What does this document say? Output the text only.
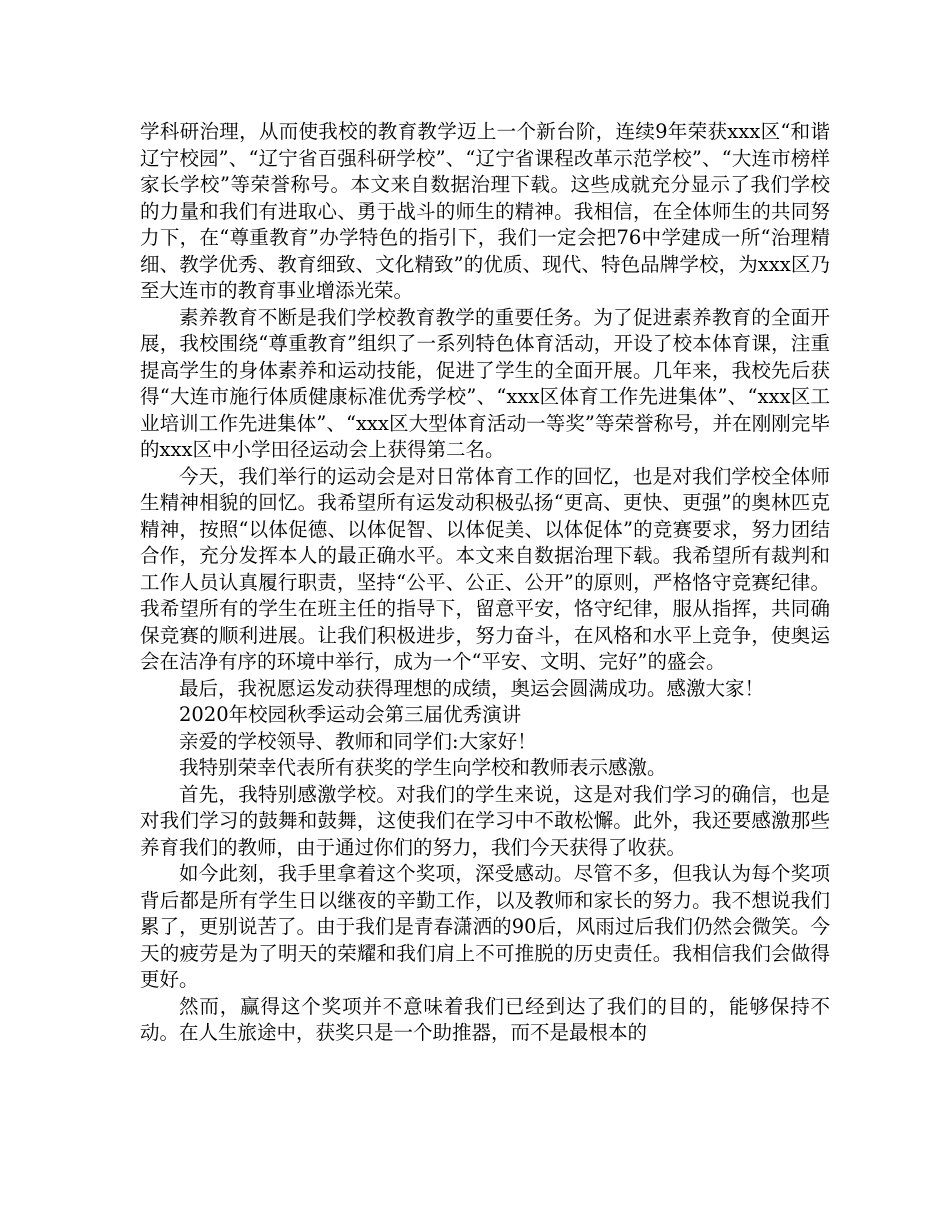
学科研治理，从而使我校的教育教学迈上一个新台阶，连续9年荣获xxx区“和谐辽宁校园”、“辽宁省百强科研学校”、“辽宁省课程改革示范学校”、“大连市榜样家长学校”等荣誉称号。本文来自数据治理下载。这些成就充分显示了我们学校的力量和我们有进取心、勇于战斗的师生的精神。我相信，在全体师生的共同努力下，在“尊重教育”办学特色的指引下，我们一定会把76中学建成一所“治理精细、教学优秀、教育细致、文化精致”的优质、现代、特色品牌学校，为xxx区乃至大连市的教育事业增添光荣。

素养教育不断是我们学校教育教学的重要任务。为了促进素养教育的全面开展，我校围绕“尊重教育”组织了一系列特色体育活动，开设了校本体育课，注重提高学生的身体素养和运动技能，促进了学生的全面开展。几年来，我校先后获得“大连市施行体质健康标准优秀学校”、“xxx区体育工作先进集体”、“xxx区工业培训工作先进集体”、“xxx区大型体育活动一等奖”等荣誉称号，并在刚刚完毕的xxx区中小学田径运动会上获得第二名。

今天，我们举行的运动会是对日常体育工作的回忆，也是对我们学校全体师生精神相貌的回忆。我希望所有运发动积极弘扬“更高、更快、更强”的奥林匹克精神，按照“以体促德、以体促智、以体促美、以体促体”的竞赛要求，努力团结合作，充分发挥本人的最正确水平。本文来自数据治理下载。我希望所有裁判和工作人员认真履行职责，坚持“公平、公正、公开”的原则，严格恪守竞赛纪律。我希望所有的学生在班主任的指导下，留意平安，恪守纪律，服从指挥，共同确保竞赛的顺利进展。让我们积极进步，努力奋斗，在风格和水平上竞争，使奥运会在洁净有序的环境中举行，成为一个“平安、文明、完好”的盛会。

最后，我祝愿运发动获得理想的成绩，奥运会圆满成功。感激大家！

2020年校园秋季运动会第三届优秀演讲

亲爱的学校领导、教师和同学们:大家好！

我特别荣幸代表所有获奖的学生向学校和教师表示感激。

首先，我特别感激学校。对我们的学生来说，这是对我们学习的确信，也是对我们学习的鼓舞和鼓舞，这使我们在学习中不敢松懈。此外，我还要感激那些养育我们的教师，由于通过你们的努力，我们今天获得了收获。

如今此刻，我手里拿着这个奖项，深受感动。尽管不多，但我认为每个奖项背后都是所有学生日以继夜的辛勤工作，以及教师和家长的努力。我不想说我们累了，更别说苦了。由于我们是青春潇洒的90后，风雨过后我们仍然会微笑。今天的疲劳是为了明天的荣耀和我们肩上不可推脱的历史责任。我相信我们会做得更好。

然而，赢得这个奖项并不意味着我们已经到达了我们的目的，能够保持不动。在人生旅途中，获奖只是一个助推器，而不是最根本的
